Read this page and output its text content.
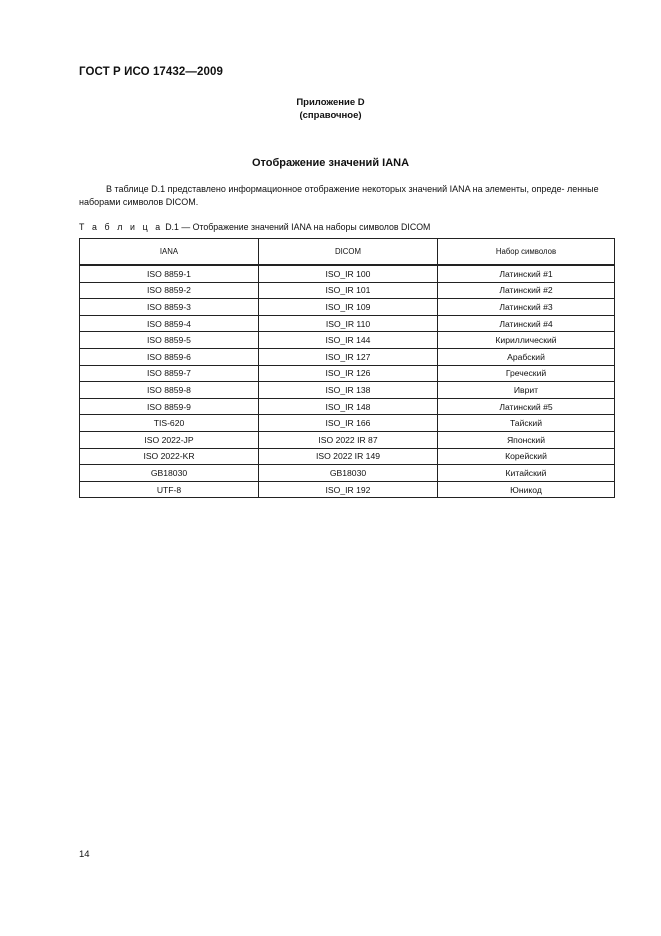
ГОСТ Р ИСО 17432—2009
Приложение D
(справочное)
Отображение значений IANA

В таблице D.1 представлено информационное отображение некоторых значений IANA на элементы, опреде- ленные наборами символов DICOM.

Т а б л и ц а D.1 — Отображение значений IANA на наборы символов DICOM
IANA	DICOM	Набор символов
ISO 8859-1	ISO_IR 100	Латинский #1
ISO 8859-2	ISO_IR 101	Латинский #2
ISO 8859-3	ISO_IR 109	Латинский #3
ISO 8859-4	ISO_IR 110	Латинский #4
ISO 8859-5	ISO_IR 144	Кириллический
ISO 8859-6	ISO_IR 127	Арабский
ISO 8859-7	ISO_IR 126	Греческий
ISO 8859-8	ISO_IR 138	Иврит
ISO 8859-9	ISO_IR 148	Латинский #5
TIS-620	ISO_IR 166	Тайский
ISO 2022-JP	ISO 2022 IR 87	Японский
ISO 2022-KR	ISO 2022 IR 149	Корейский
GB18030	GB18030	Китайский
UTF-8	ISO_IR 192	Юникод
14
